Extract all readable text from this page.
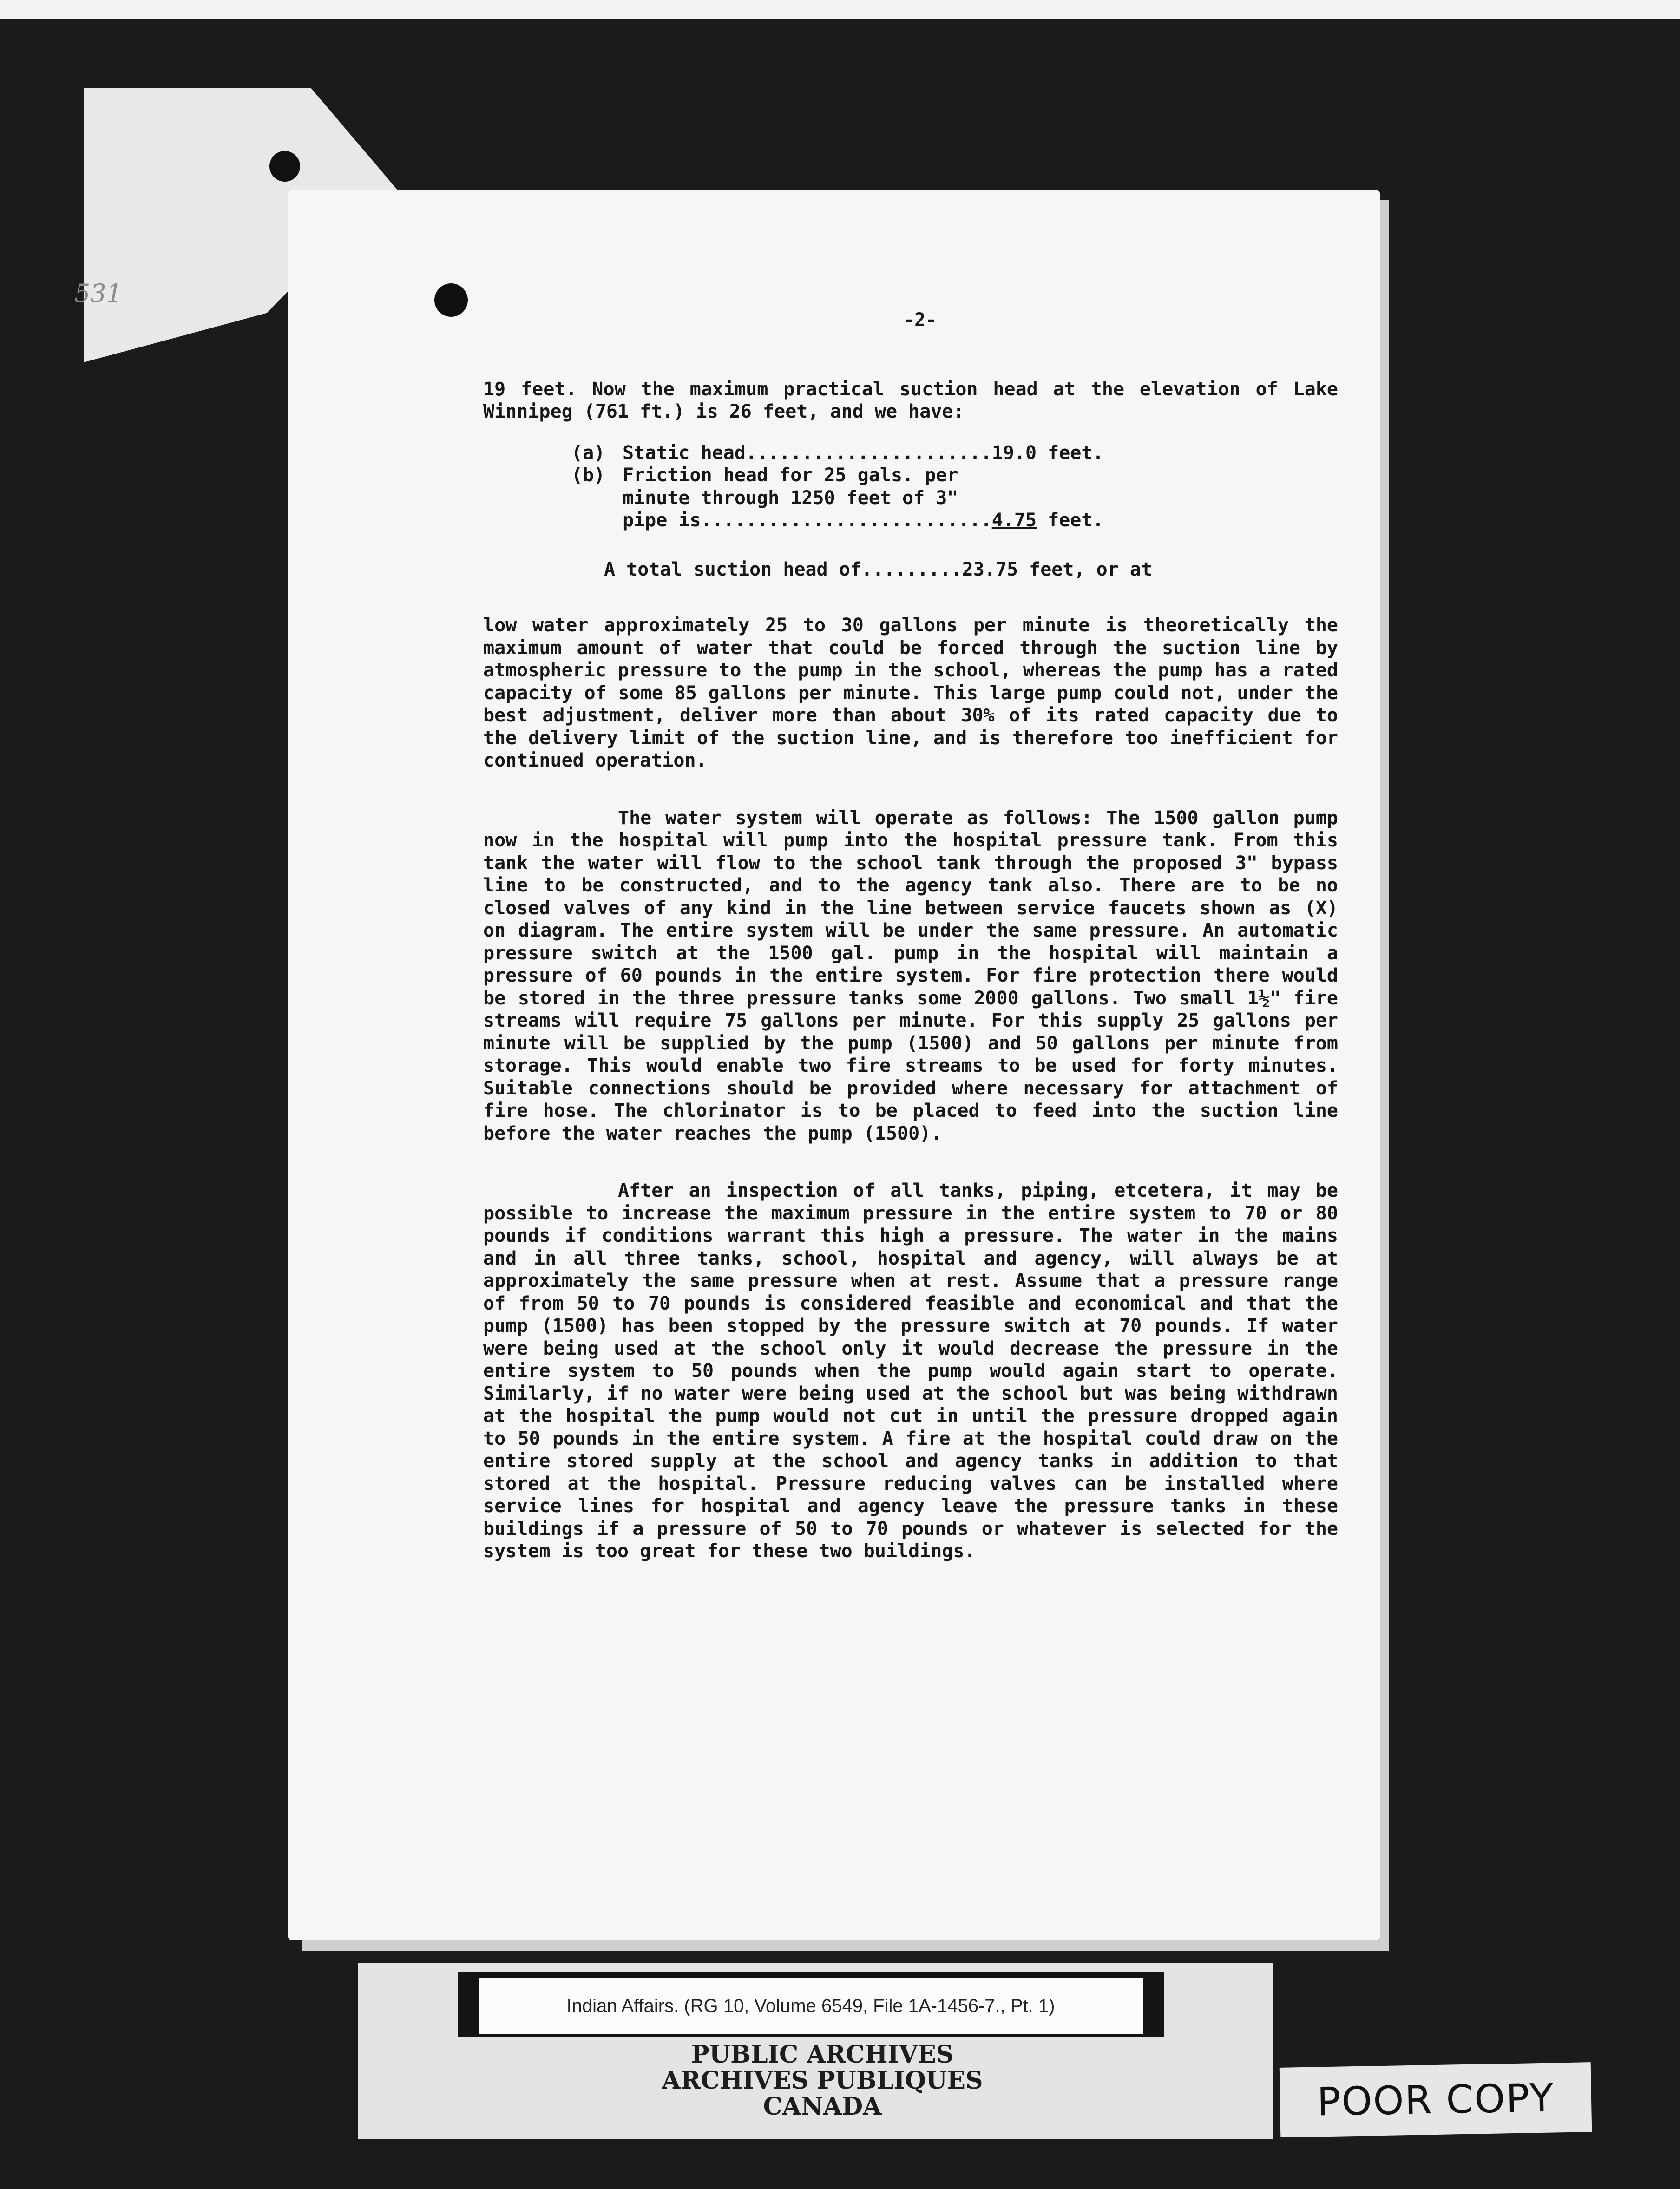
531
-2-

19 feet. Now the maximum practical suction head at the elevation of Lake Winnipeg (761 ft.) is 26 feet, and we have:

(a) Static head......................19.0 feet.
(b) Friction head for 25 gals. per
minute through 1250 feet of 3"
pipe is..........................4.75 feet.

A total suction head of.........23.75 feet, or at

low water approximately 25 to 30 gallons per minute is theoretically the maximum amount of water that could be forced through the suction line by atmospheric pressure to the pump in the school, whereas the pump has a rated capacity of some 85 gallons per minute. This large pump could not, under the best adjustment, deliver more than about 30% of its rated capacity due to the delivery limit of the suction line, and is therefore too inefficient for continued operation.

The water system will operate as follows: The 1500 gallon pump now in the hospital will pump into the hospital pressure tank. From this tank the water will flow to the school tank through the proposed 3" bypass line to be constructed, and to the agency tank also. There are to be no closed valves of any kind in the line between service faucets shown as (X) on diagram. The entire system will be under the same pressure. An automatic pressure switch at the 1500 gal. pump in the hospital will maintain a pressure of 60 pounds in the entire system. For fire protection there would be stored in the three pressure tanks some 2000 gallons. Two small 1½" fire streams will require 75 gallons per minute. For this supply 25 gallons per minute will be supplied by the pump (1500) and 50 gallons per minute from storage. This would enable two fire streams to be used for forty minutes. Suitable connections should be provided where necessary for attachment of fire hose. The chlorinator is to be placed to feed into the suction line before the water reaches the pump (1500).

After an inspection of all tanks, piping, etcetera, it may be possible to increase the maximum pressure in the entire system to 70 or 80 pounds if conditions warrant this high a pressure. The water in the mains and in all three tanks, school, hospital and agency, will always be at approximately the same pressure when at rest. Assume that a pressure range of from 50 to 70 pounds is considered feasible and economical and that the pump (1500) has been stopped by the pressure switch at 70 pounds. If water were being used at the school only it would decrease the pressure in the entire system to 50 pounds when the pump would again start to operate. Similarly, if no water were being used at the school but was being withdrawn at the hospital the pump would not cut in until the pressure dropped again to 50 pounds in the entire system. A fire at the hospital could draw on the entire stored supply at the school and agency tanks in addition to that stored at the hospital. Pressure reducing valves can be installed where service lines for hospital and agency leave the pressure tanks in these buildings if a pressure of 50 to 70 pounds or whatever is selected for the system is too great for these two buildings.

Indian Affairs. (RG 10, Volume 6549, File 1A-1456-7., Pt. 1)
PUBLIC ARCHIVES
ARCHIVES PUBLIQUES
CANADA	POOR COPY
